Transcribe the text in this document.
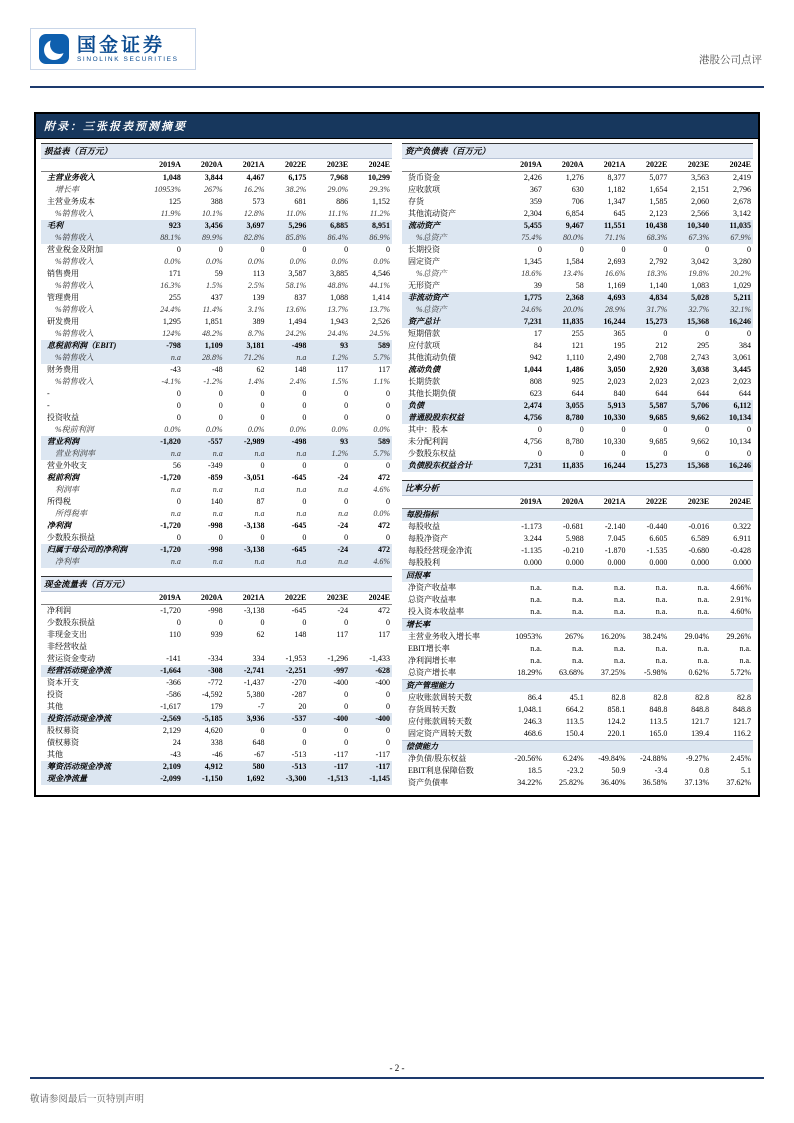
国金证券
SINOLINK SECURITIES	港股公司点评
附录：三张报表预测摘要
损益表（百万元）						
	2019A	2020A	2021A	2022E	2023E	2024E
主营业务收入	1,048	3,844	4,467	6,175	7,968	10,299
增长率	10953%	267%	16.2%	38.2%	29.0%	29.3%
主营业务成本	125	388	573	681	886	1,152
%销售收入	11.9%	10.1%	12.8%	11.0%	11.1%	11.2%
毛利	923	3,456	3,697	5,296	6,885	8,951
%销售收入	88.1%	89.9%	82.8%	85.8%	86.4%	86.9%
营业税金及附加	0	0	0	0	0	0
%销售收入	0.0%	0.0%	0.0%	0.0%	0.0%	0.0%
销售费用	171	59	113	3,587	3,885	4,546
%销售收入	16.3%	1.5%	2.5%	58.1%	48.8%	44.1%
管理费用	255	437	139	837	1,088	1,414
%销售收入	24.4%	11.4%	3.1%	13.6%	13.7%	13.7%
研发费用	1,295	1,851	389	1,494	1,943	2,526
%销售收入	124%	48.2%	8.7%	24.2%	24.4%	24.5%
息税前利润（EBIT)	-798	1,109	3,181	-498	93	589
%销售收入	n.a	28.8%	71.2%	n.a	1.2%	5.7%
财务费用	-43	-48	62	148	117	117
%销售收入	-4.1%	-1.2%	1.4%	2.4%	1.5%	1.1%
-	0	0	0	0	0	0
-	0	0	0	0	0	0
投资收益	0	0	0	0	0	0
%税前利润	0.0%	0.0%	0.0%	0.0%	0.0%	0.0%
营业利润	-1,820	-557	-2,989	-498	93	589
营业利润率	n.a	n.a	n.a	n.a	1.2%	5.7%
营业外收支	56	-349	0	0	0	0
税前利润	-1,720	-859	-3,051	-645	-24	472
利润率	n.a	n.a	n.a	n.a	n.a	4.6%
所得税	0	140	87	0	0	0
所得税率	n.a	n.a	n.a	n.a	n.a	0.0%
净利润	-1,720	-998	-3,138	-645	-24	472
少数股东损益	0	0	0	0	0	0
归属于母公司的净利润	-1,720	-998	-3,138	-645	-24	472
净利率	n.a	n.a	n.a	n.a	n.a	4.6%
现金流量表（百万元）						
	2019A	2020A	2021A	2022E	2023E	2024E
净利润	-1,720	-998	-3,138	-645	-24	472
少数股东损益	0	0	0	0	0	0
非现金支出	110	939	62	148	117	117
非经营收益						
营运资金变动	-141	-334	334	-1,953	-1,296	-1,433
经营活动现金净流	-1,664	-308	-2,741	-2,251	-997	-628
资本开支	-366	-772	-1,437	-270	-400	-400
投资	-586	-4,592	5,380	-287	0	0
其他	-1,617	179	-7	20	0	0
投资活动现金净流	-2,569	-5,185	3,936	-537	-400	-400
股权募资	2,129	4,620	0	0	0	0
债权募资	24	338	648	0	0	0
其他	-43	-46	-67	-513	-117	-117
筹资活动现金净流	2,109	4,912	580	-513	-117	-117
现金净流量	-2,099	-1,150	1,692	-3,300	-1,513	-1,145
资产负债表（百万元）						
	2019A	2020A	2021A	2022E	2023E	2024E
货币资金	2,426	1,276	8,377	5,077	3,563	2,419
应收款项	367	630	1,182	1,654	2,151	2,796
存货	359	706	1,347	1,585	2,060	2,678
其他流动资产	2,304	6,854	645	2,123	2,566	3,142
流动资产	5,455	9,467	11,551	10,438	10,340	11,035
%总资产	75.4%	80.0%	71.1%	68.3%	67.3%	67.9%
长期投资	0	0	0	0	0	0
固定资产	1,345	1,584	2,693	2,792	3,042	3,280
%总资产	18.6%	13.4%	16.6%	18.3%	19.8%	20.2%
无形资产	39	58	1,169	1,140	1,083	1,029
非流动资产	1,775	2,368	4,693	4,834	5,028	5,211
%总资产	24.6%	20.0%	28.9%	31.7%	32.7%	32.1%
资产总计	7,231	11,835	16,244	15,273	15,368	16,246
短期借款	17	255	365	0	0	0
应付款项	84	121	195	212	295	384
其他流动负债	942	1,110	2,490	2,708	2,743	3,061
流动负债	1,044	1,486	3,050	2,920	3,038	3,445
长期贷款	808	925	2,023	2,023	2,023	2,023
其他长期负债	623	644	840	644	644	644
负债	2,474	3,055	5,913	5,587	5,706	6,112
普通股股东权益	4,756	8,780	10,330	9,685	9,662	10,134
其中：股本	0	0	0	0	0	0
未分配利润	4,756	8,780	10,330	9,685	9,662	10,134
少数股东权益	0	0	0	0	0	0
负债股东权益合计	7,231	11,835	16,244	15,273	15,368	16,246
比率分析						
	2019A	2020A	2021A	2022E	2023E	2024E
每股指标						
每股收益	-1.173	-0.681	-2.140	-0.440	-0.016	0.322
每股净资产	3.244	5.988	7.045	6.605	6.589	6.911
每股经营现金净流	-1.135	-0.210	-1.870	-1.535	-0.680	-0.428
每股股利	0.000	0.000	0.000	0.000	0.000	0.000
回报率						
净资产收益率	n.a.	n.a.	n.a.	n.a.	n.a.	4.66%
总资产收益率	n.a.	n.a.	n.a.	n.a.	n.a.	2.91%
投入资本收益率	n.a.	n.a.	n.a.	n.a.	n.a.	4.60%
增长率						
主营业务收入增长率	10953%	267%	16.20%	38.24%	29.04%	29.26%
EBIT增长率	n.a.	n.a.	n.a.	n.a.	n.a.	n.a.
净利润增长率	n.a.	n.a.	n.a.	n.a.	n.a.	n.a.
总资产增长率	18.29%	63.68%	37.25%	-5.98%	0.62%	5.72%
资产管理能力						
应收账款周转天数	86.4	45.1	82.8	82.8	82.8	82.8
存货周转天数	1,048.1	664.2	858.1	848.8	848.8	848.8
应付账款周转天数	246.3	113.5	124.2	113.5	121.7	121.7
固定资产周转天数	468.6	150.4	220.1	165.0	139.4	116.2
偿债能力						
净负债/股东权益	-20.56%	6.24%	-49.84%	-24.88%	-9.27%	2.45%
EBIT利息保障倍数	18.5	-23.2	50.9	-3.4	0.8	5.1
资产负债率	34.22%	25.82%	36.40%	36.58%	37.13%	37.62%
- 2 -
敬请参阅最后一页特别声明
